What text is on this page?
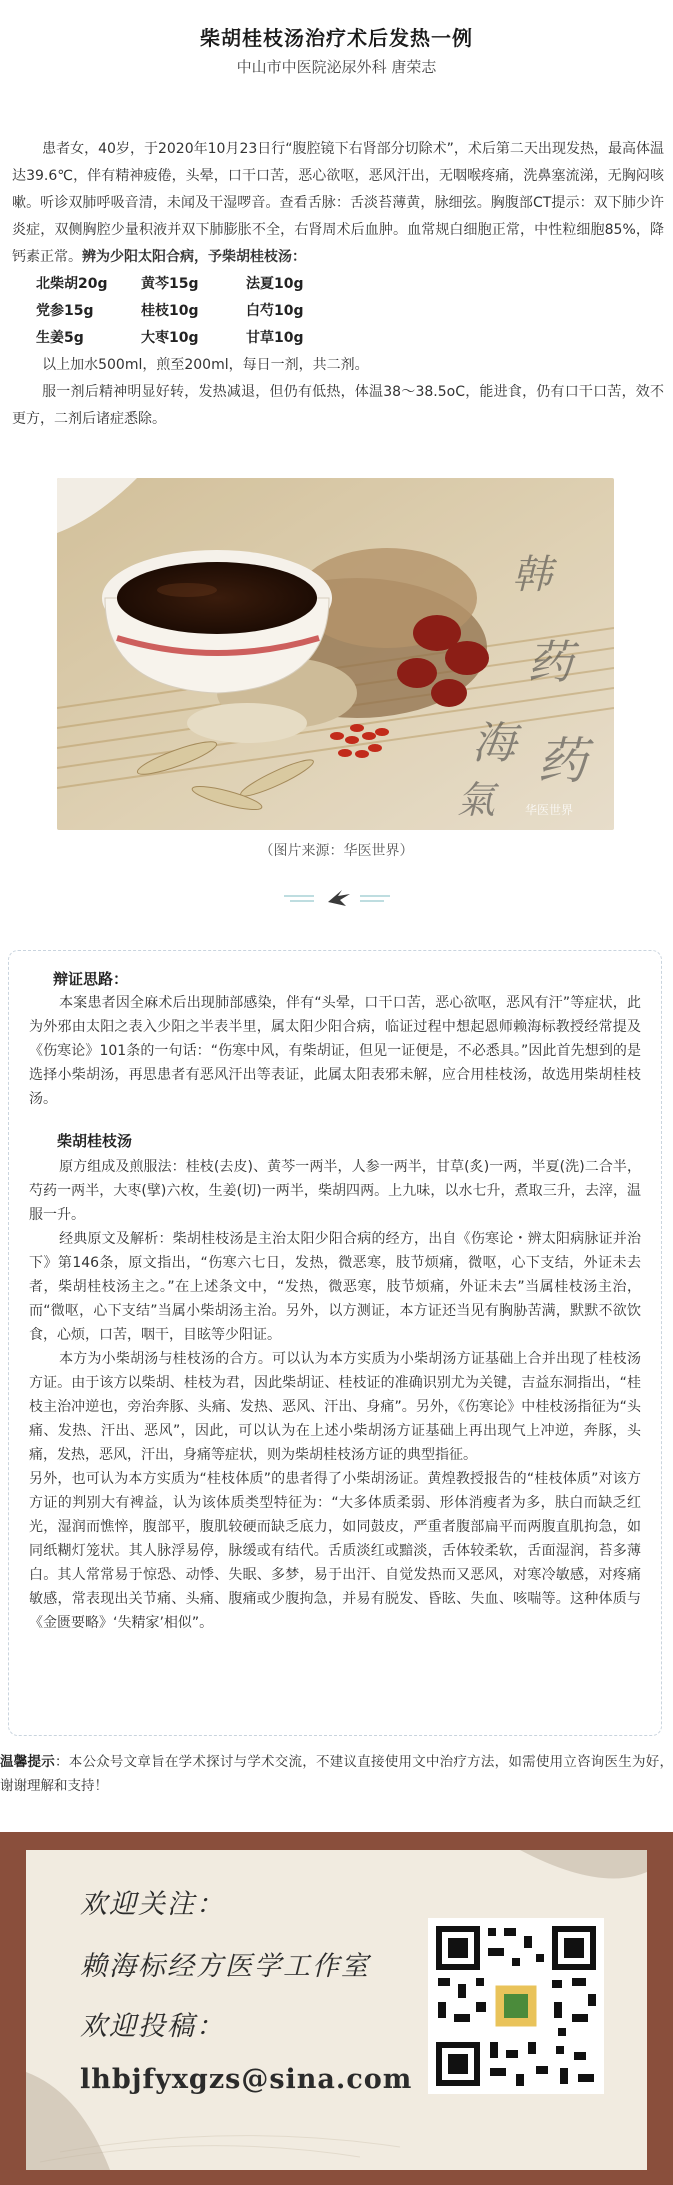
柴胡桂枝汤治疗术后发热一例
中山市中医院泌尿外科 唐荣志

患者女，40岁，于2020年10月23日行“腹腔镜下右肾部分切除术”，术后第二天出现发热，最高体温达39.6℃，伴有精神疲倦，头晕，口干口苦，恶心欲呕，恶风汗出，无咽喉疼痛，洗鼻塞流涕，无胸闷咳嗽。听诊双肺呼吸音清，未闻及干湿啰音。查看舌脉：舌淡苔薄黄，脉细弦。胸腹部CT提示：双下肺少许炎症，双侧胸腔少量积液并双下肺膨胀不全，右肾周术后血肿。血常规白细胞正常，中性粒细胞85%，降钙素正常。辨为少阳太阳合病，予柴胡桂枝汤：

北柴胡20g 黄芩15g	法夏10g
党参15g	桂枝10g	白芍10g
生姜5g	大枣10g	甘草10g

以上加水500ml，煎至200ml，每日一剂，共二剂。

服一剂后精神明显好转，发热减退，但仍有低热，体温38～38.5oC，能进食，仍有口干口苦，效不更方，二剂后诸症悉除。

韩
药
海 药
氣	华医世界
（图片来源：华医世界）
辩证思路：

本案患者因全麻术后出现肺部感染，伴有“头晕，口干口苦，恶心欲呕，恶风有汗”等症状，此为外邪由太阳之表入少阳之半表半里，属太阳少阳合病，临证过程中想起恩师赖海标教授经常提及《伤寒论》101条的一句话：“伤寒中风，有柴胡证，但见一证便是，不必悉具。”因此首先想到的是选择小柴胡汤，再思患者有恶风汗出等表证，此属太阳表邪未解，应合用桂枝汤，故选用柴胡桂枝汤。

柴胡桂枝汤

原方组成及煎服法：桂枝(去皮)、黄芩一两半，人参一两半，甘草(炙)一两，半夏(洗)二合半，芍药一两半，大枣(擘)六枚，生姜(切)一两半，柴胡四两。上九味，以水七升，煮取三升，去滓，温服一升。

经典原文及解析：柴胡桂枝汤是主治太阳少阳合病的经方，出自《伤寒论・辨太阳病脉证并治下》第146条，原文指出，“伤寒六七日，发热，微恶寒，肢节烦痛，微呕，心下支结，外证未去者，柴胡桂枝汤主之。”在上述条文中，“发热，微恶寒，肢节烦痛，外证未去”当属桂枝汤主治，而“微呕，心下支结”当属小柴胡汤主治。另外，以方测证，本方证还当见有胸胁苦满，默默不欲饮食，心烦，口苦，咽干，目眩等少阳证。

本方为小柴胡汤与桂枝汤的合方。可以认为本方实质为小柴胡汤方证基础上合并出现了桂枝汤方证。由于该方以柴胡、桂枝为君，因此柴胡证、桂枝证的准确识别尤为关键，吉益东洞指出，“桂枝主治冲逆也，旁治奔豚、头痛、发热、恶风、汗出、身痛”。另外，《伤寒论》中桂枝汤指征为“头痛、发热、汗出、恶风”，因此，可以认为在上述小柴胡汤方证基础上再出现气上冲逆，奔豚，头痛，发热，恶风，汗出，身痛等症状，则为柴胡桂枝汤方证的典型指征。

另外，也可认为本方实质为“桂枝体质”的患者得了小柴胡汤证。黄煌教授报告的“桂枝体质”对该方方证的判别大有裨益，认为该体质类型特征为：“大多体质柔弱、形体消瘦者为多，肤白而缺乏红光，湿润而憔悴，腹部平，腹肌较硬而缺乏底力，如同鼓皮，严重者腹部扁平而两腹直肌拘急，如同纸糊灯笼状。其人脉浮易停，脉缓或有结代。舌质淡红或黯淡，舌体较柔软，舌面湿润，苔多薄白。其人常常易于惊恐、动悸、失眠、多梦，易于出汗、自觉发热而又恶风，对寒冷敏感，对疼痛敏感，常表现出关节痛、头痛、腹痛或少腹拘急，并易有脱发、昏眩、失血、咳喘等。这种体质与《金匮要略》‘失精家’相似”。

温馨提示：本公众号文章旨在学术探讨与学术交流，不建议直接使用文中治疗方法，如需使用立咨询医生为好，谢谢理解和支持！
欢迎关注：
赖海标经方医学工作室
欢迎投稿：
lhbjfyxgzs@sina.com
